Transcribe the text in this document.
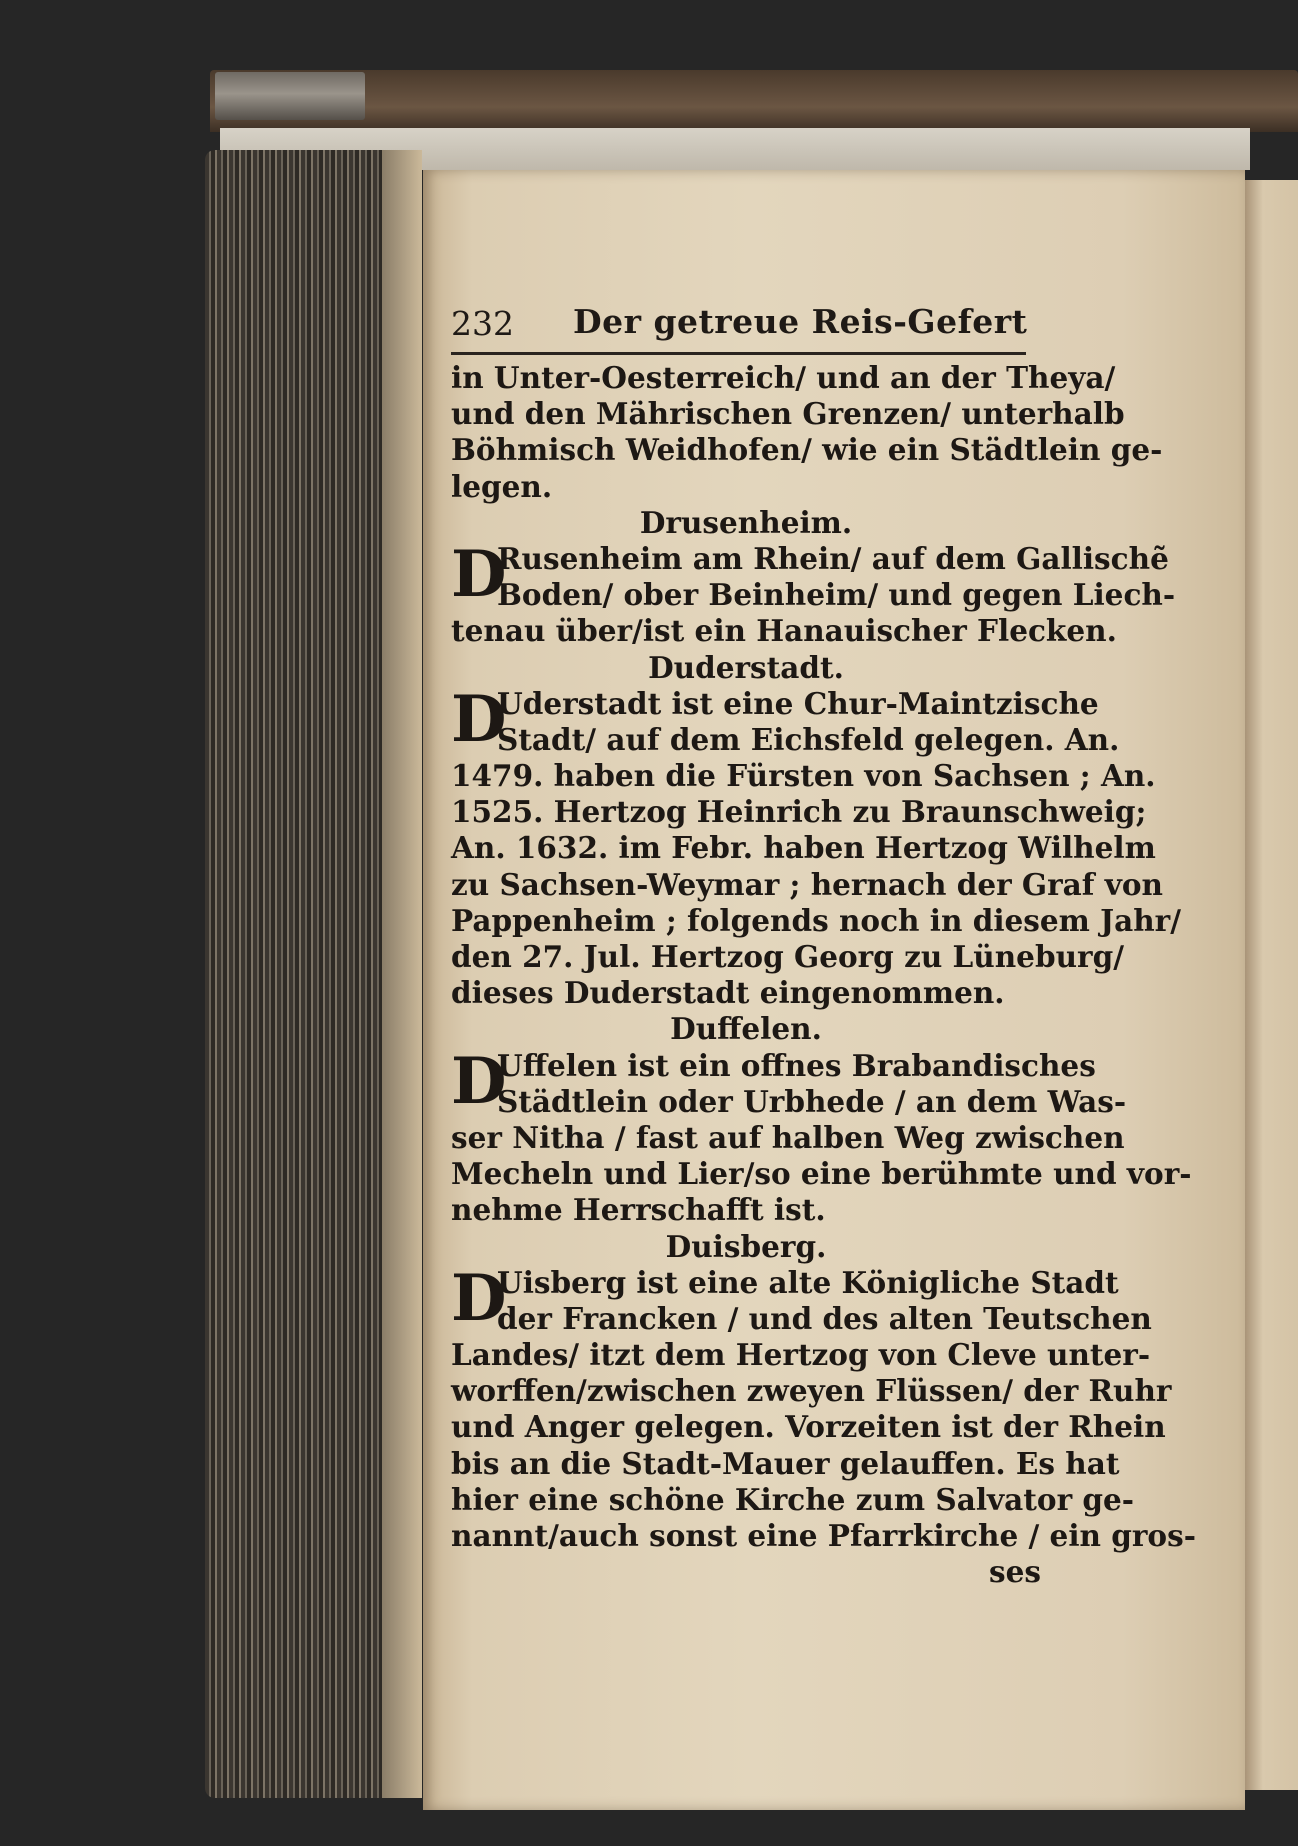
232 Der getreue Reis-Gefert
in Unter-Oesterreich/ und an der Theya/
und den Mährischen Grenzen/ unterhalb
Böhmisch Weidhofen/ wie ein Städtlein ge-
legen.
Drusenheim.
D
Rusenheim am Rhein/ auf dem Gallischẽ
Boden/ ober Beinheim/ und gegen Liech-
tenau über/ist ein Hanauischer Flecken.
Duderstadt.
D
Uderstadt ist eine Chur-Maintzische
Stadt/ auf dem Eichsfeld gelegen. An.
1479. haben die Fürsten von Sachsen ; An.
1525. Hertzog Heinrich zu Braunschweig;
An. 1632. im Febr. haben Hertzog Wilhelm
zu Sachsen-Weymar ; hernach der Graf von
Pappenheim ; folgends noch in diesem Jahr/
den 27. Jul. Hertzog Georg zu Lüneburg/
dieses Duderstadt eingenommen.
Duffelen.
D
Uffelen ist ein offnes Brabandisches
Städtlein oder Urbhede / an dem Was-
ser Nitha / fast auf halben Weg zwischen
Mecheln und Lier/so eine berühmte und vor-
nehme Herrschafft ist.
Duisberg.
D
Uisberg ist eine alte Königliche Stadt
der Francken / und des alten Teutschen
Landes/ itzt dem Hertzog von Cleve unter-
worffen/zwischen zweyen Flüssen/ der Ruhr
und Anger gelegen. Vorzeiten ist der Rhein
bis an die Stadt-Mauer gelauffen. Es hat
hier eine schöne Kirche zum Salvator ge-
nannt/auch sonst eine Pfarrkirche / ein gros-
ses
